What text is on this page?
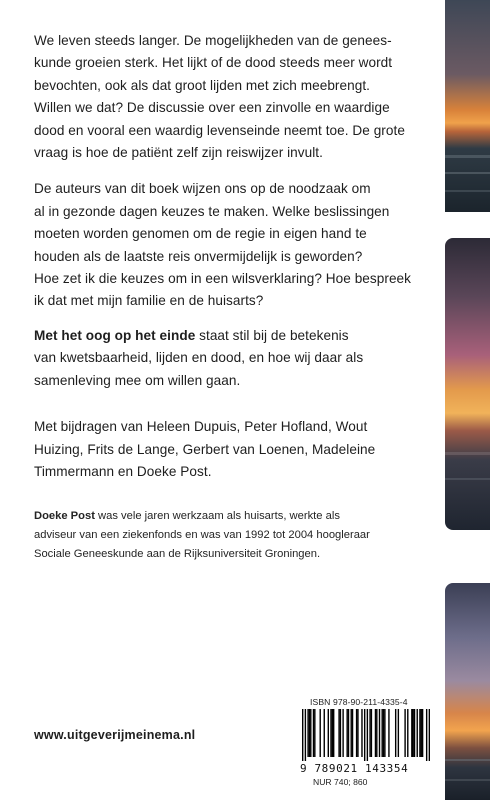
We leven steeds langer. De mogelijkheden van de genees-
kunde groeien sterk. Het lijkt of de dood steeds meer wordt
bevochten, ook als dat groot lijden met zich meebrengt.
Willen we dat? De discussie over een zinvolle en waardige
dood en vooral een waardig levenseinde neemt toe. De grote
vraag is hoe de patiënt zelf zijn reiswijzer invult.

De auteurs van dit boek wijzen ons op de noodzaak om
al in gezonde dagen keuzes te maken. Welke beslissingen
moeten worden genomen om de regie in eigen hand te
houden als de laatste reis onvermijdelijk is geworden?
Hoe zet ik die keuzes om in een wilsverklaring? Hoe bespreek
ik dat met mijn familie en de huisarts?

Met het oog op het einde staat stil bij de betekenis
van kwetsbaarheid, lijden en dood, en hoe wij daar als
samenleving mee om willen gaan.

Met bijdragen van Heleen Dupuis, Peter Hofland, Wout
Huizing, Frits de Lange, Gerbert van Loenen, Madeleine
Timmermann en Doeke Post.

Doeke Post was vele jaren werkzaam als huisarts, werkte als
adviseur van een ziekenfonds en was van 1992 tot 2004 hoogleraar
Sociale Geneeskunde aan de Rijksuniversiteit Groningen.

www.uitgeverijmeinema.nl
ISBN 978-90-211-4335-4
9 789021 143354
NUR 740; 860
